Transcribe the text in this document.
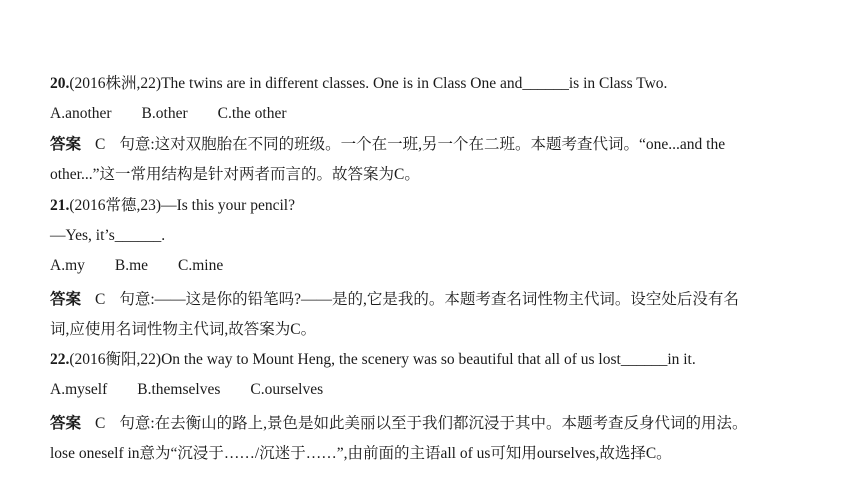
20.(2016株洲,22)The twins are in different classes. One is in Class One and______is in Class Two.
A.another B.other C.the other
答案 C 句意:这对双胞胎在不同的班级。一个在一班,另一个在二班。本题考查代词。“one...and the
other...”这一常用结构是针对两者而言的。故答案为C。
21.(2016常德,23)—Is this your pencil?
—Yes, it’s______.
A.my B.me C.mine
答案 C 句意:——这是你的铅笔吗?——是的,它是我的。本题考查名词性物主代词。设空处后没有名
词,应使用名词性物主代词,故答案为C。
22.(2016衡阳,22)On the way to Mount Heng, the scenery was so beautiful that all of us lost______in it.
A.myself B.themselves C.ourselves
答案 C 句意:在去衡山的路上,景色是如此美丽以至于我们都沉浸于其中。本题考查反身代词的用法。
lose oneself in意为“沉浸于……/沉迷于……”,由前面的主语all of us可知用ourselves,故选择C。
